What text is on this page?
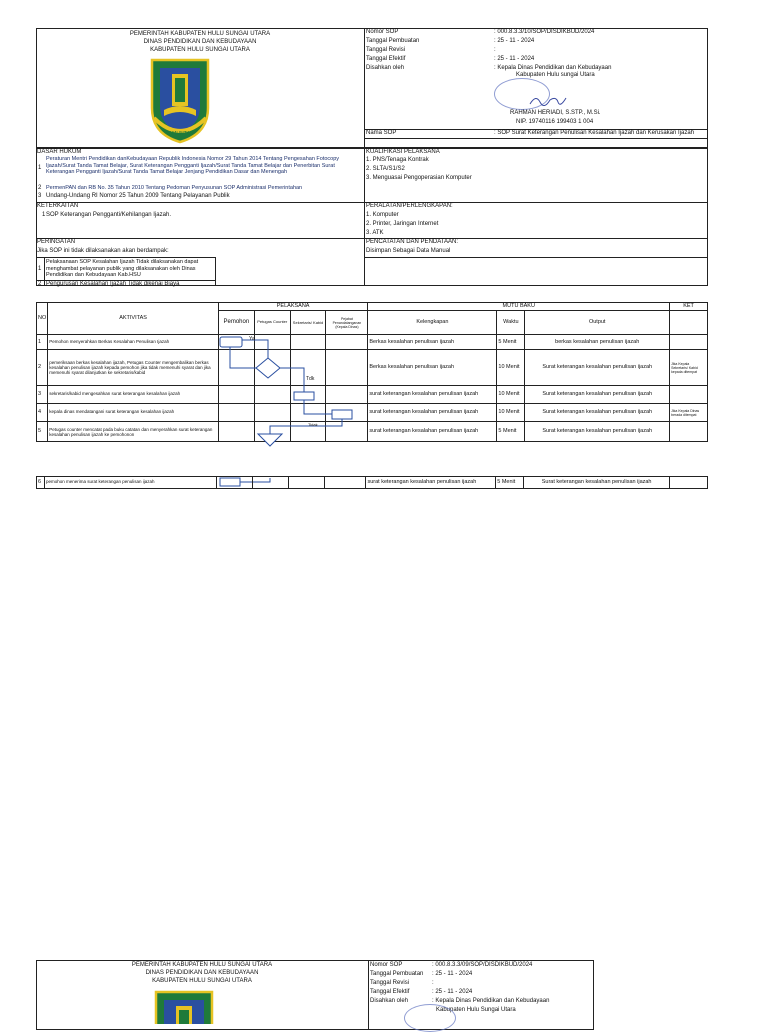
PEMERINTAH KABUPATEN HULU SUNGAI UTARA
DINAS PENDIDIKAN DAN KEBUDAYAAN
KABUPATEN HULU SUNGAI UTARA
AMUNTAI
Nomor SOP	: 000.8.3.3/10/SOP/DISDIKBUD/2024
Tanggal Pembuatan	: 25 - 11 - 2024
Tanggal Revisi	:
Tanggal Efektif	: 25 - 11 - 2024
Disahkan oleh	: Kepala Dinas Pendidikan dan Kebudayaan
Kabupaten Hulu sungai Utara
RAHMAN HERIADI, S.STP., M.Si.
NIP. 19740116 199403 1 004
Nama SOP	: SOP Surat Keterangan Penulisan Kesalahan Ijazah dan Kerusakan Ijazah
DASAR HUKUM
1
Peraturan Mentri Pendidikan danKebudayaan Republik Indonesia Nomor 29 Tahun 2014 Tentang Pengesahan Fotocopy Ijazah/Surat Tanda Tamat Belajar, Surat Keterangan Pengganti Ijazah/Surat Tanda Tamat Belajar dan Penerbitan Surat Keterangan Pengganti Ijazah/Surat Tanda Tamat Belajar Jenjang Pendidikan Dasar dan Menengah
2 PermenPAN dan RB No. 35 Tahun 2010 Tentang Pedoman Penyusunan SOP Administrasi Pemerintahan
3 Undang-Undang RI Nomor 25 Tahun 2009 Tentang Pelayanan Publik
KUALIFIKASI PELAKSANA
1. PNS/Tenaga Kontrak
2. SLTA/S1/S2
3. Menguasai Pengoperasian Komputer
KETERKAITAN
1 SOP Keterangan Pengganti/Kehilangan Ijazah.
PERALATAN/PERLENGKAPAN:
1. Komputer
2. Printer, Jaringan Internet
3. ATK
PERINGATAN
Jika SOP ini tidak dilaksanakan akan berdampak:
1
Pelaksanaan SOP Kesalahan Ijazah Tidak dilaksanakan dapat menghambat pelayanan publik yang dilaksanakan oleh Dinas Pendidikan dan Kebudayaan Kab.HSU
2 Pengurusan Kesalahan Ijazah Tidak dikenai Biaya
PENCATATAN DAN PENDATAAN:
Disimpan Sebagai Data Manual
NO	AKTIVITAS	PELAKSANA				MUTU BAKU			KET
		Pemohon	Petugas Counter	Sekretaris/ Kabid	Pejabat Penandatanganan (Kepala Dinas)	Kelengkapan	Waktu	Output	
1	Pemohon menyerahkan Berkas Kesalahan Penulisan Ijazah					Berkas kesalahan penulisan ijazah	5 Menit	berkas kesalahan penulisan ijazah	
2	pemeriksaan berkas kesalahan ijazah, Petugas Counter mengembalikan berkas kesalahan penulisan ijazah kepada pemohon jika tidak memenuhi syarat dan jika memenuhi syarat dilanjutkan ke sekretaris/kabid					Berkas kesalahan penulisan ijazah	10 Menit	Surat keterangan kesalahan penulisan ijazah	Jika Kepala Sekretaris/ Kabid kepada ditempat
3	sekretaris/kabid mengesahkan surat keterangan kesalahan ijazah					surat keterangan kesalahan penulisan ijazah	10 Menit	Surat keterangan kesalahan penulisan ijazah	
4	kepala dinas mendatangani surat keterangan kesalahan ijazah					surat keterangan kesalahan penulisan ijazah	10 Menit	Surat keterangan kesalahan penulisan ijazah	Jika Kepala Dinas berada ditempat
5	Petugas counter mencatat pada buku catatan dan menyerahkan surat keterangan kesalahan penulisan ijazah ke pemohonon					surat keterangan kesalahan penulisan ijazah	5 Menit	Surat keterangan kesalahan penulisan ijazah	
Ya
Tdk
Tidak
6	pemohon menerima surat keterangan penulisan ijazah					surat keterangan kesalahan penulisan ijazah	5 Menit	Surat keterangan kesalahan penulisan ijazah	
PEMERINTAH KABUPATEN HULU SUNGAI UTARA
DINAS PENDIDIKAN DAN KEBUDAYAAN
KABUPATEN HULU SUNGAI UTARA
Nomor SOP	: 000.8.3.3/09/SOP/DISDIKBUD/2024
Tanggal Pembuatan : 25 - 11 - 2024
Tanggal Revisi	:
Tanggal Efektif	: 25 - 11 - 2024
Disahkan oleh	: Kepala Dinas Pendidikan dan Kebudayaan
Kabupaten Hulu Sungai Utara
